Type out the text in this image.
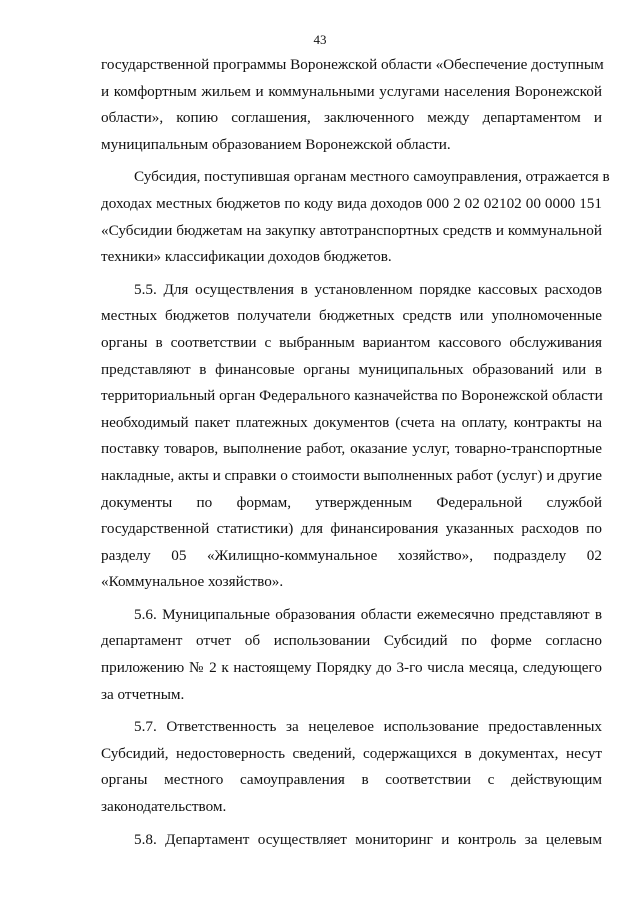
43

государственной программы Воронежской области «Обеспечение доступным
и комфортным жильем и коммунальными услугами населения Воронежской
области», копию соглашения, заключенного между департаментом и
муниципальным образованием Воронежской области.

Субсидия, поступившая органам местного самоуправления, отражается в
доходах местных бюджетов по коду вида доходов 000 2 02 02102 00 0000 151
«Субсидии бюджетам на закупку автотранспортных средств и коммунальной
техники» классификации доходов бюджетов.

5.5. Для осуществления в установленном порядке кассовых расходов
местных бюджетов получатели бюджетных средств или уполномоченные
органы в соответствии с выбранным вариантом кассового обслуживания
представляют в финансовые органы муниципальных образований или в
территориальный орган Федерального казначейства по Воронежской области
необходимый пакет платежных документов (счета на оплату, контракты на
поставку товаров, выполнение работ, оказание услуг, товарно-транспортные
накладные, акты и справки о стоимости выполненных работ (услуг) и другие
документы по формам, утвержденным Федеральной службой
государственной статистики) для финансирования указанных расходов по
разделу 05 «Жилищно-коммунальное хозяйство», подразделу 02
«Коммунальное хозяйство».

5.6. Муниципальные образования области ежемесячно представляют в
департамент отчет об использовании Субсидий по форме согласно
приложению № 2 к настоящему Порядку до 3-го числа месяца, следующего
за отчетным.

5.7. Ответственность за нецелевое использование предоставленных
Субсидий, недостоверность сведений, содержащихся в документах, несут
органы местного самоуправления в соответствии с действующим
законодательством.

5.8. Департамент осуществляет мониторинг и контроль за целевым
